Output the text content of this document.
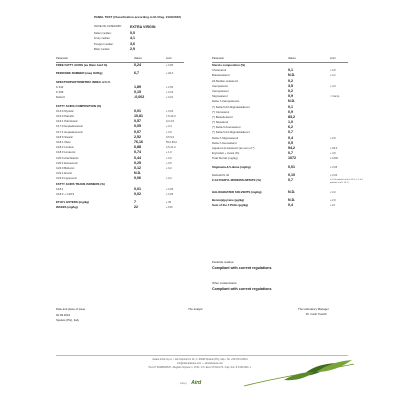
PANEL TEST (Classification according to EU Reg. 2104/2022)
OLIVE OIL CATEGORY EXTRA VIRGIN
Defect median:	0,0
Fruity median:	4,1
Pungent median:	3,6
Bitter median:	2,9
Parameter	Values	Limit	Parameter	Values	Limit
FREE FATTY ACIDS (as Oleic Acid %)	0,24	≤ 0,80
PEROXIDE NUMBER (meq O2/Kg)	6,7	≤ 20,0
SPECTROPHOTOMETRIC INDEX of U.V.
K 232	1,89	≤ 2,50
K 268	0,15	≤ 0,22
Delta K	-0,002	≤ 0,01
FATTY ACIDS COMPOSITION (%)
C14:0 Myristic	0,01	≤ 0,03
C16:0 Palmitic	10,81	7,5-20,0
C16:1 Palmitoleic	0,57	0,3-3,5
C17:0 Heptadecanoic	0,05	≤ 0,4
C17:1 Heptadecenoic	0,07	≤ 0,6
C18:0 Stearic	2,52	0,5-5,0
C18:1 Oleic	76,16	55,0-83,0
C18:2 Linoleic	6,88	2,5-21,0
C18:3 Linolenic	0,74	≤ 1,0
C20:0 Arachidonic	0,44	≤ 0,6
C20:1 Eicosenoic	0,25	≤ 0,5
C22:0 Behenic	0,12	≤ 0,2
C22:1 Erucic	N.D.
C24:0 Lignoceric	0,06	≤ 0,2
FATTY ACIDS TRANS ISOMERS (%)
C18:1	0,01	≤ 0,05
C18:2 + C18:3	0,02	≤ 0,05
ETHYL ESTERS (mg/kg)	7	≤ 35
WAXES (mg/kg)	22	≤ 150
Sterols composition (%)
Cholesterol	0,1	≤ 0,5
Brassicasterol	N.D.	≤ 0,1
24-Metilen-colesterol	0,2
Campesterol	3,5	≤ 4,0
Campestanol	0,2
Stigmasterol	0,9	< Camp.
Delta-7-Campesterolo	N.D.
(*) Delta-5,23-Stigmastadienol	0,1
(*) Clerosterol	0,9
(*) Betasitosterol	83,2
(*) Sitostanol	1,0
(*) Delta-5-Avenasterol	6,2
(*) Delta-5,24-Stigmastadienol	0,7
Delta-7-Stigmastenol	0,4	≤ 0,5
Delta-7-Avenasterol	0,5
Apparent β-sitosterol (as sum of *)	94,2	≥ 93,0
Erytrodiol + Uvaol (%)	0,7	≤ 4,5
Total Sterols (mg/kg)	1072	≥ 1000
Stigmasta-3,5-diene (mg/kg)	0,01	≤ 0,05
Delta ECN 42	0,10	≤ 0,20
2-GLYCERYL MONOPALMITATE (%)	0,7	≤ 0,9 if palmitic acid ≤ 14 %; ≤ 1,0 if palmitic acid > 14 %
HALOGENATED SOLVENTS (mg/kg)	N.D.	≤ 0,2
Benzo(a)pyrene (μg/kg)	N.D.	≤ 2,0
Sum of the 4 PAHs (μg/kg)	0,4	≤ 10
Pesticide residue:
Compliant with current regulations
Other contaminants:
Compliant with current regulations
Date and place of issue
02.09.2024
Spoleto (PG), Italy
The analyst	The Laboratory Manager
Dr. Carlo Tracchi
Gelato d'Arte S.p.A. • Via Crispina Km 10, 1 • 06049 Spoleto (PG), Italy • Tel. +39 0743 23041
info@oliocarlettera.com — oliocarlettera.com
P.Iva IT 00406843547 • Registro Imprese n. 1742 • C.S. Euro 47.010.170 • Cap. Soc. € 3.000.000 i.v.
spicey Aird
